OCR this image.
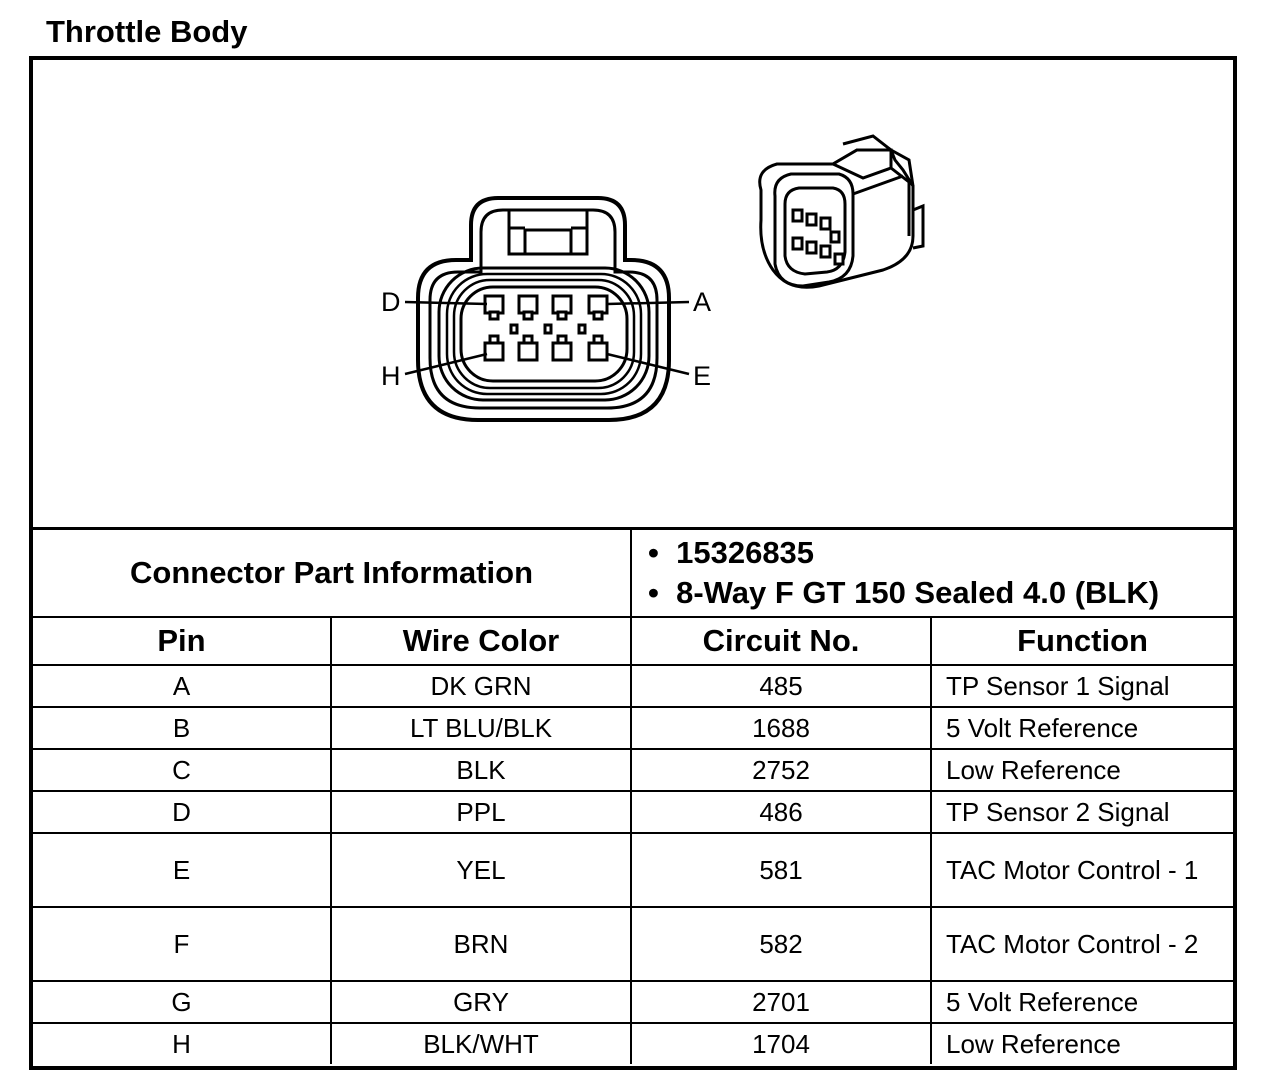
Throttle Body
D	A
H	E
Connector Part Information		•  15326835
•  8-Way F GT 150 Sealed 4.0 (BLK)	

Pin	Wire Color	Circuit No.	Function
A	DK GRN	485	TP Sensor 1 Signal
B	LT BLU/BLK	1688	5 Volt Reference
C	BLK	2752	Low Reference
D	PPL	486	TP Sensor 2 Signal
E	YEL	581	TAC Motor Control - 1
F	BRN	582	TAC Motor Control - 2
G	GRY	2701	5 Volt Reference
H	BLK/WHT	1704	Low Reference
